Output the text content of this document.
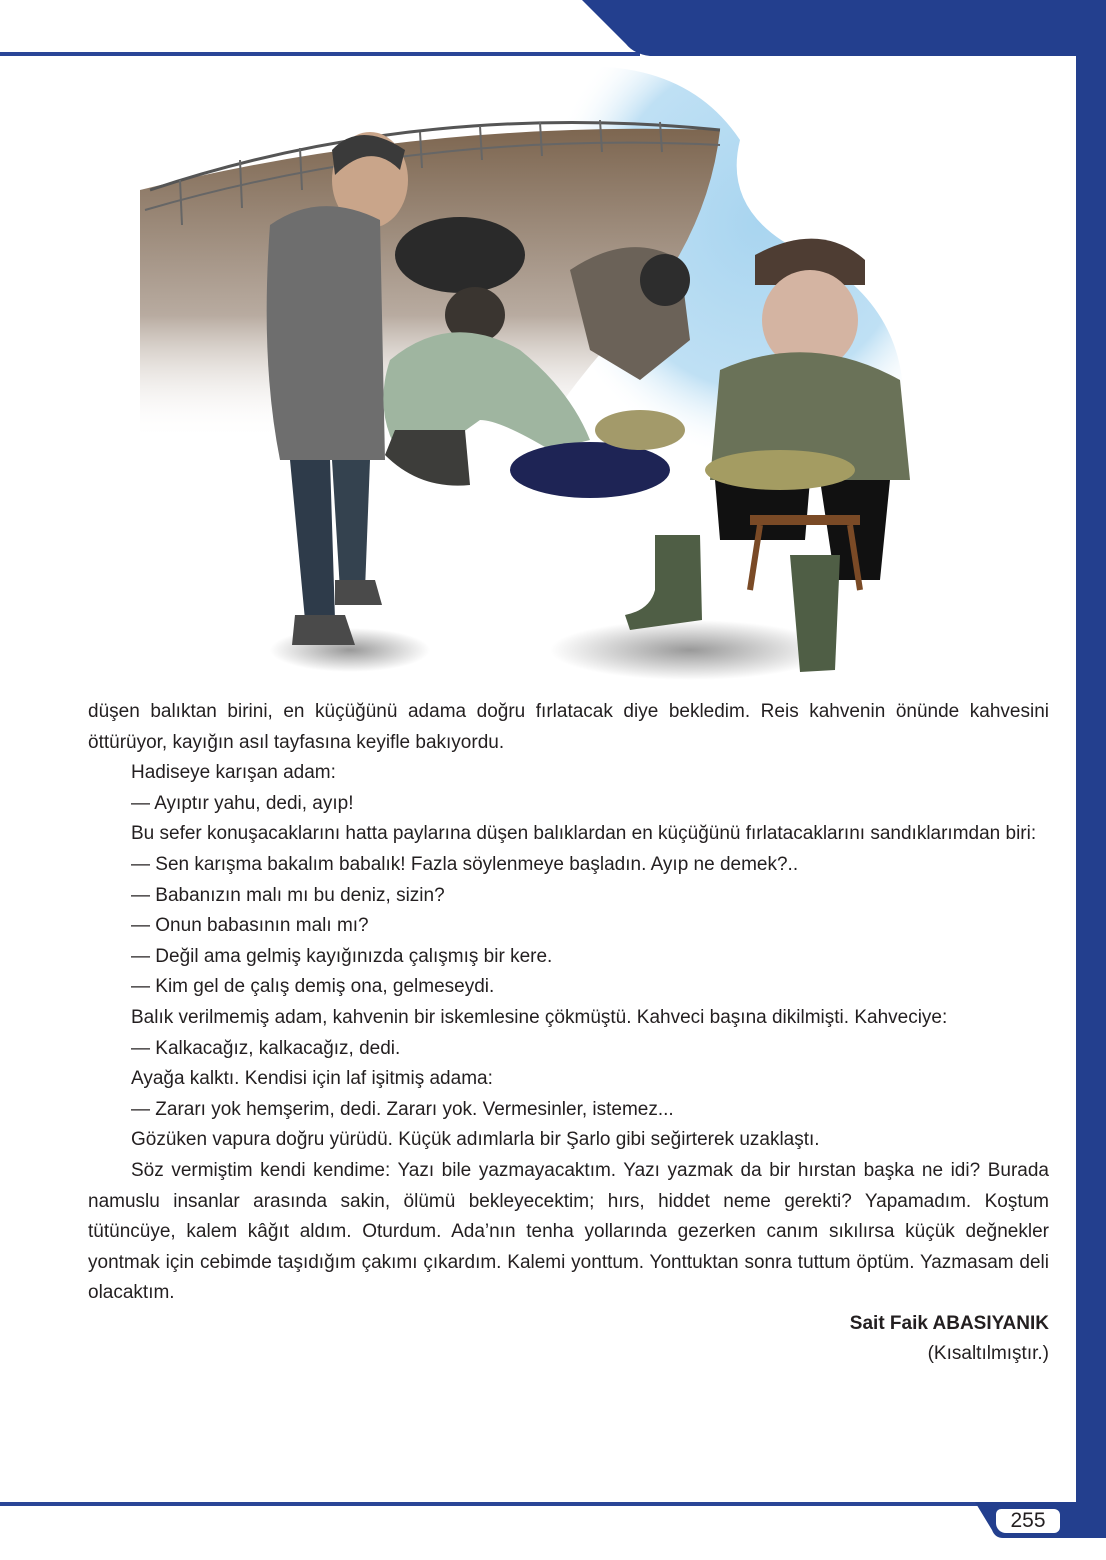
255

düşen balıktan birini, en küçüğünü adama doğru fırlatacak diye bekledim. Reis kahvenin önünde kahvesini öttürüyor, kayığın asıl tayfasına keyifle bakıyordu.

Hadiseye karışan adam:

— Ayıptır yahu, dedi, ayıp!

Bu sefer konuşacaklarını hatta paylarına düşen balıklardan en küçüğünü fırlatacaklarını sandıklarımdan biri:

— Sen karışma bakalım babalık! Fazla söylenmeye başladın. Ayıp ne demek?..

— Babanızın malı mı bu deniz, sizin?

— Onun babasının malı mı?

— Değil ama gelmiş kayığınızda çalışmış bir kere.

— Kim gel de çalış demiş ona, gelmeseydi.

Balık verilmemiş adam, kahvenin bir iskemlesine çökmüştü. Kahveci başına dikilmişti. Kahveciye:

— Kalkacağız, kalkacağız, dedi.

Ayağa kalktı. Kendisi için laf işitmiş adama:

— Zararı yok hemşerim, dedi. Zararı yok. Vermesinler, istemez...

Gözüken vapura doğru yürüdü. Küçük adımlarla bir Şarlo gibi seğirterek uzaklaştı.

Söz vermiştim kendi kendime: Yazı bile yazmayacaktım. Yazı yazmak da bir hırstan başka ne idi? Burada namuslu insanlar arasında sakin, ölümü bekleyecektim; hırs, hiddet neme gerekti? Yapamadım. Koştum tütüncüye, kalem kâğıt aldım. Oturdum. Ada’nın tenha yollarında gezerken canım sıkılırsa küçük değnekler yontmak için cebimde taşıdığım çakımı çıkardım. Kalemi yonttum. Yonttuktan sonra tuttum öptüm. Yazmasam deli olacaktım.

Sait Faik ABASIYANIK

(Kısaltılmıştır.)
